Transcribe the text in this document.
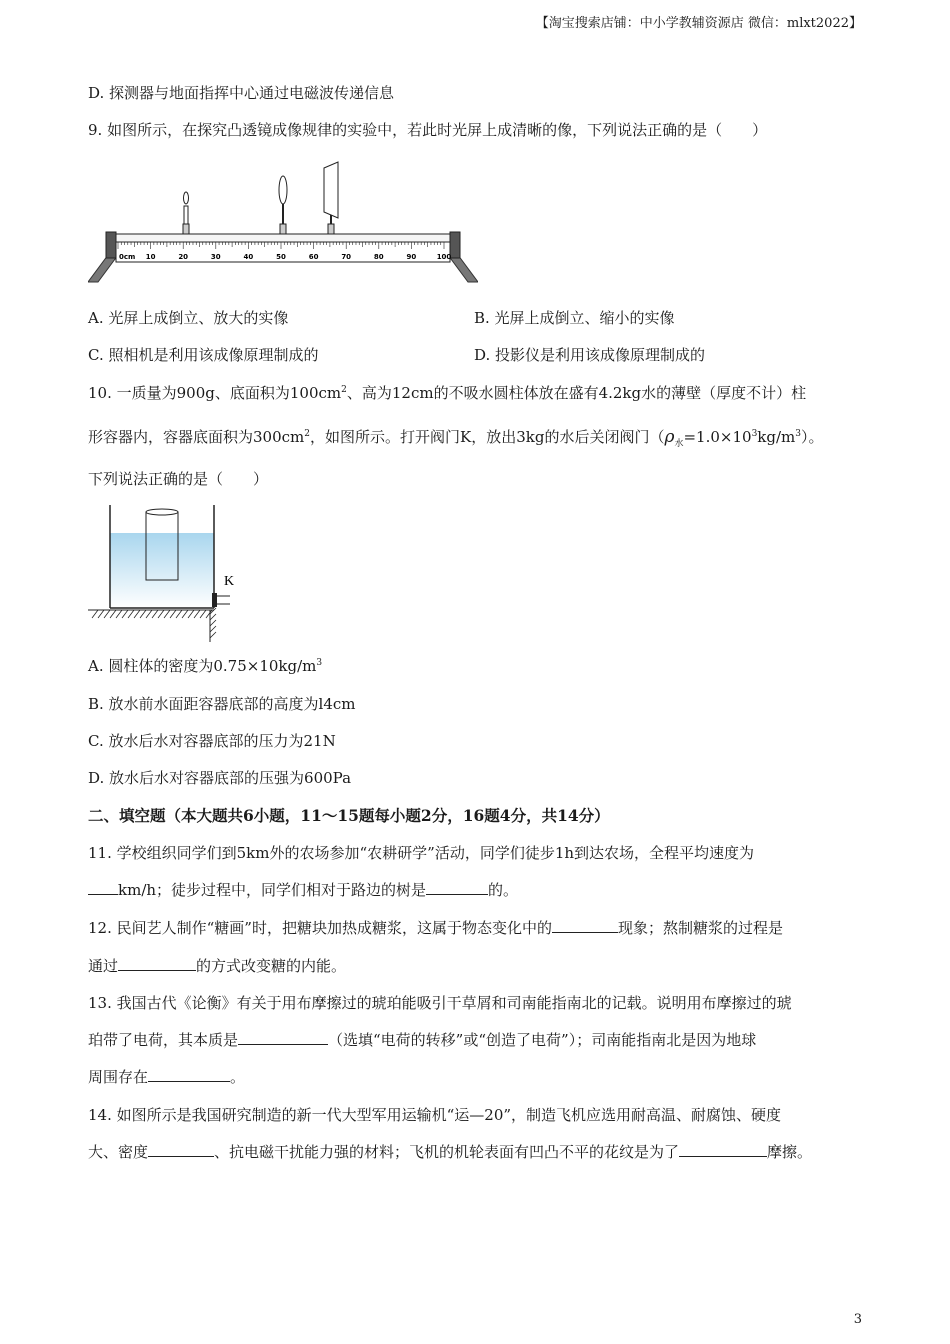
【淘宝搜索店铺：中小学教辅资源店 微信：mlxt2022】
D. 探测器与地面指挥中心通过电磁波传递信息
9. 如图所示，在探究凸透镜成像规律的实验中，若此时光屏上成清晰的像，下列说法正确的是（　　）
0cm 10	20	30	40	50	60	70	80	90	100
A. 光屏上成倒立、放大的实像	B. 光屏上成倒立、缩小的实像
C. 照相机是利用该成像原理制成的	D. 投影仪是利用该成像原理制成的
10. 一质量为900g、底面积为$100cm^2$、高为12cm的不吸水圆柱体放在盛有4.2kg水的薄壁（厚度不计）柱
形容器内，容器底面积为$300cm^2$，如图所示。打开阀门K，放出3kg的水后关闭阀门$(\rho_水=1.0\times 10^3kg/m^3)$。
下列说法正确的是（　　）
K
A. 圆柱体的密度为$0.75\times 10kg/m^3$
B. 放水前水面距容器底部的高度为l4cm
C. 放水后水对容器底部的压力为21N
D. 放水后水对容器底部的压强为600Pa
二、填空题（本大题共6小题，11～15题每小题2分，16题4分，共14分）
11. 学校组织同学们到5km外的农场参加“农耕研学”活动，同学们徒步1h到达农场，全程平均速度为
km/h；徒步过程中，同学们相对于路边的树是	的。
12. 民间艺人制作“糖画”时，把糖块加热成糖浆，这属于物态变化中的	现象；熬制糖浆的过程是
通过	的方式改变糖的内能。
13. 我国古代《论衡》有关于用布摩擦过的琥珀能吸引干草屑和司南能指南北的记载。说明用布摩擦过的琥
珀带了电荷，其本质是	（选填“电荷的转移”或“创造了电荷”）；司南能指南北是因为地球
周围存在	。
14. 如图所示是我国研究制造的新一代大型军用运输机“运—20”，制造飞机应选用耐高温、耐腐蚀、硬度
大、密度	、抗电磁干扰能力强的材料；飞机的机轮表面有凹凸不平的花纹是为了	摩擦。
3
